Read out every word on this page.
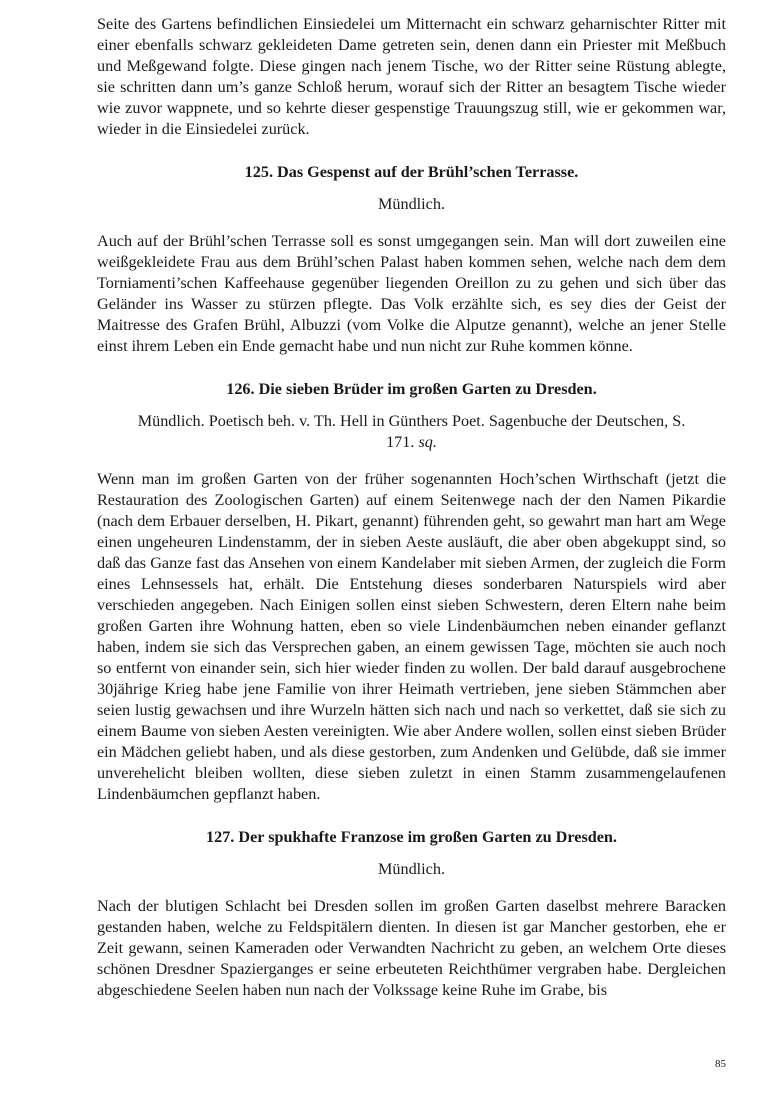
Seite des Gartens befindlichen Einsiedelei um Mitternacht ein schwarz geharnischter Ritter mit einer ebenfalls schwarz gekleideten Dame getreten sein, denen dann ein Priester mit Meßbuch und Meßgewand folgte. Diese gingen nach jenem Tische, wo der Ritter seine Rüstung ablegte, sie schritten dann um’s ganze Schloß herum, worauf sich der Ritter an besagtem Tische wieder wie zuvor wappnete, und so kehrte dieser gespenstige Trauungszug still, wie er gekommen war, wieder in die Einsiedelei zurück.

125. Das Gespenst auf der Brühl’schen Terrasse.

Mündlich.

Auch auf der Brühl’schen Terrasse soll es sonst umgegangen sein. Man will dort zuweilen eine weißgekleidete Frau aus dem Brühl’schen Palast haben kommen sehen, welche nach dem dem Torniamenti’schen Kaffeehause gegenüber liegenden Oreillon zu zu gehen und sich über das Geländer ins Wasser zu stürzen pflegte. Das Volk erzählte sich, es sey dies der Geist der Maitresse des Grafen Brühl, Albuzzi (vom Volke die Alputze genannt), welche an jener Stelle einst ihrem Leben ein Ende gemacht habe und nun nicht zur Ruhe kommen könne.

126. Die sieben Brüder im großen Garten zu Dresden.

Mündlich. Poetisch beh. v. Th. Hell in Günthers Poet. Sagenbuche der Deutschen, S.
171. sq.

Wenn man im großen Garten von der früher sogenannten Hoch’schen Wirthschaft (jetzt die Restauration des Zoologischen Garten) auf einem Seitenwege nach der den Namen Pikardie (nach dem Erbauer derselben, H. Pikart, genannt) führenden geht, so gewahrt man hart am Wege einen ungeheuren Lindenstamm, der in sieben Aeste ausläuft, die aber oben abgekuppt sind, so daß das Ganze fast das Ansehen von einem Kandelaber mit sieben Armen, der zugleich die Form eines Lehnsessels hat, erhält. Die Entstehung dieses sonderbaren Naturspiels wird aber verschieden angegeben. Nach Einigen sollen einst sieben Schwestern, deren Eltern nahe beim großen Garten ihre Wohnung hatten, eben so viele Lindenbäumchen neben einander geflanzt haben, indem sie sich das Versprechen gaben, an einem gewissen Tage, möchten sie auch noch so entfernt von einander sein, sich hier wieder finden zu wollen. Der bald darauf ausgebrochene 30jährige Krieg habe jene Familie von ihrer Heimath vertrieben, jene sieben Stämmchen aber seien lustig gewachsen und ihre Wurzeln hätten sich nach und nach so verkettet, daß sie sich zu einem Baume von sieben Aesten vereinigten. Wie aber Andere wollen, sollen einst sieben Brüder ein Mädchen geliebt haben, und als diese gestorben, zum Andenken und Gelübde, daß sie immer unverehelicht bleiben wollten, diese sieben zuletzt in einen Stamm zusammengelaufenen Lindenbäumchen gepflanzt haben.

127. Der spukhafte Franzose im großen Garten zu Dresden.

Mündlich.

Nach der blutigen Schlacht bei Dresden sollen im großen Garten daselbst mehrere Baracken gestanden haben, welche zu Feldspitälern dienten. In diesen ist gar Mancher gestorben, ehe er Zeit gewann, seinen Kameraden oder Verwandten Nachricht zu geben, an welchem Orte dieses schönen Dresdner Spazierganges er seine erbeuteten Reichthümer vergraben habe. Dergleichen abgeschiedene Seelen haben nun nach der Volkssage keine Ruhe im Grabe, bis

85
